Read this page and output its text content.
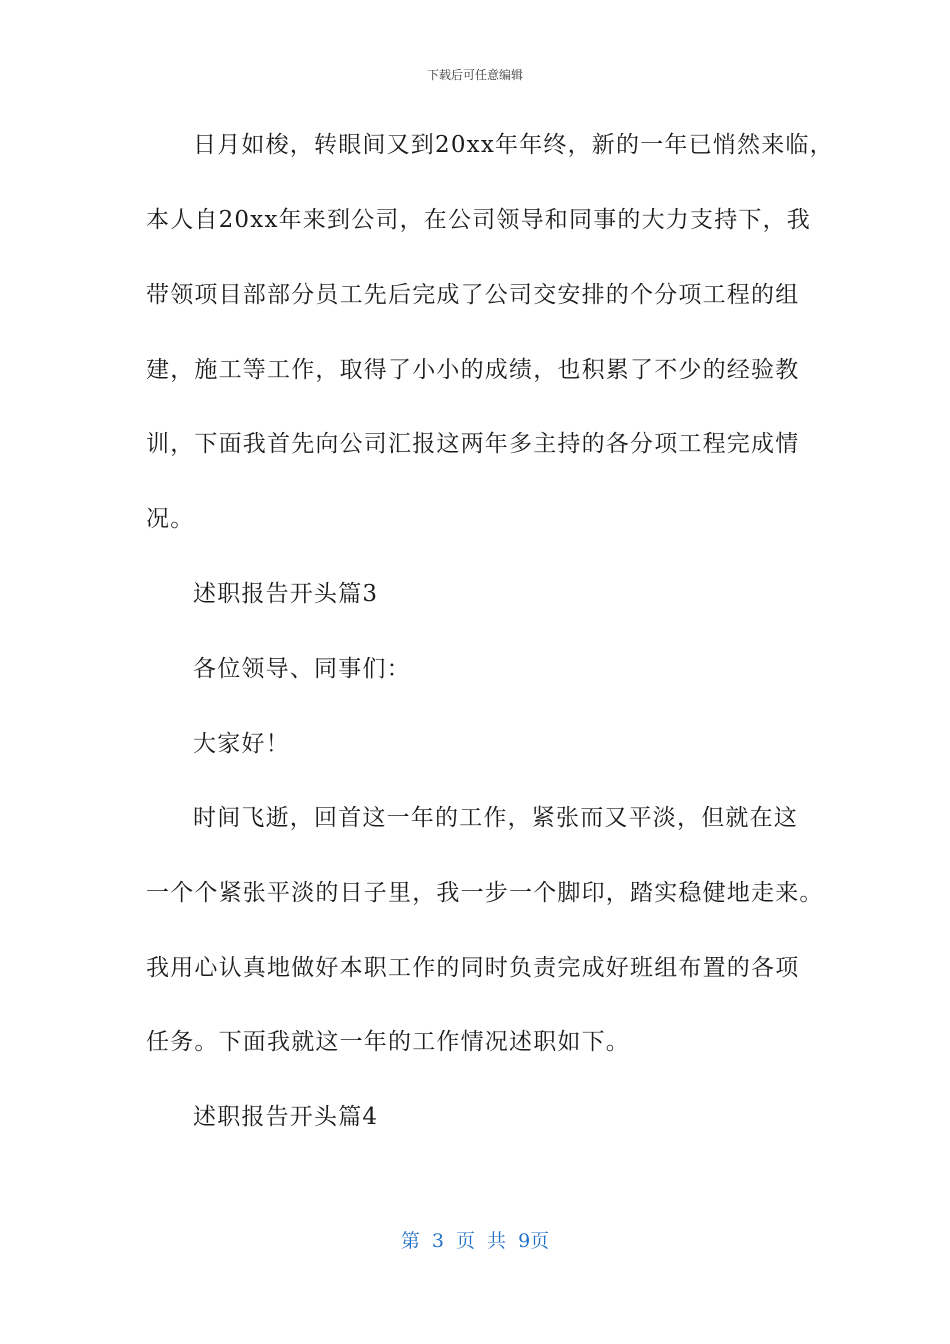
下载后可任意编辑
日月如梭，转眼间又到20xx年年终，新的一年已悄然来临，
本人自20xx年来到公司，在公司领导和同事的大力支持下，我
带领项目部部分员工先后完成了公司交安排的个分项工程的组
建，施工等工作，取得了小小的成绩，也积累了不少的经验教
训，下面我首先向公司汇报这两年多主持的各分项工程完成情
况。
述职报告开头篇3
各位领导、同事们：
大家好！
时间飞逝，回首这一年的工作，紧张而又平淡，但就在这
一个个紧张平淡的日子里，我一步一个脚印，踏实稳健地走来。
我用心认真地做好本职工作的同时负责完成好班组布置的各项
任务。下面我就这一年的工作情况述职如下。
述职报告开头篇4
第 3 页 共 9页
